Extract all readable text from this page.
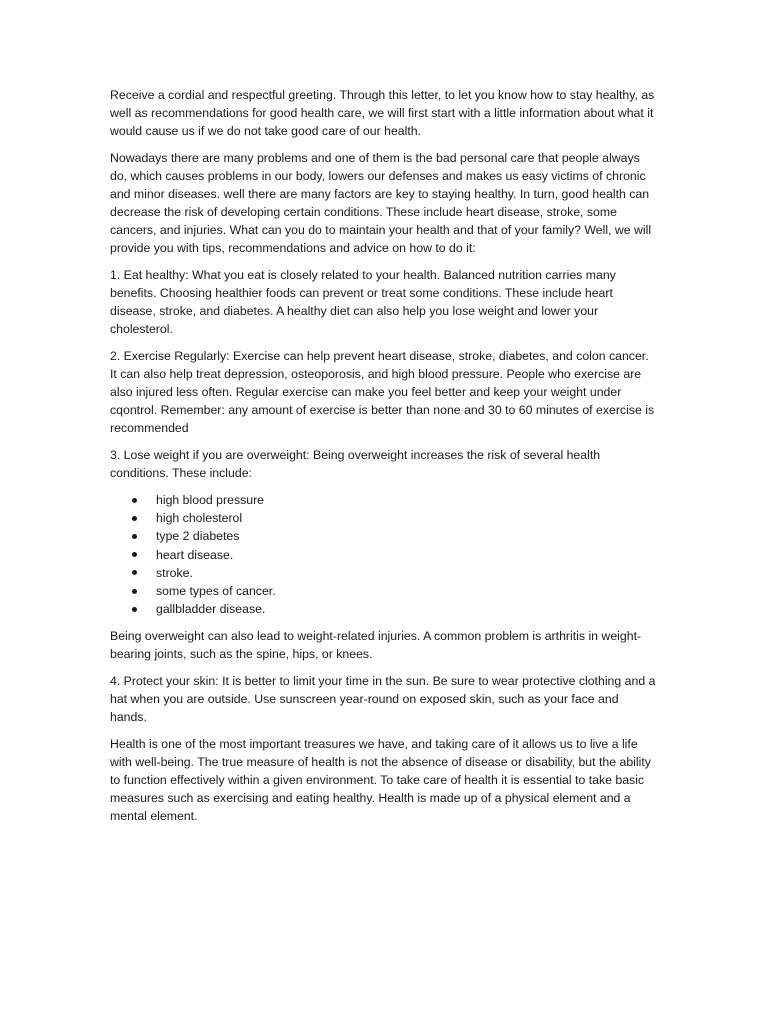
Receive a cordial and respectful greeting. Through this letter, to let you know how to stay healthy, as well as recommendations for good health care, we will first start with a little information about what it would cause us if we do not take good care of our health.

Nowadays there are many problems and one of them is the bad personal care that people always do, which causes problems in our body, lowers our defenses and makes us easy victims of chronic and minor diseases. well there are many factors are key to staying healthy. In turn, good health can decrease the risk of developing certain conditions. These include heart disease, stroke, some cancers, and injuries. What can you do to maintain your health and that of your family? Well, we will provide you with tips, recommendations and advice on how to do it:

1. Eat healthy: What you eat is closely related to your health. Balanced nutrition carries many benefits. Choosing healthier foods can prevent or treat some conditions. These include heart disease, stroke, and diabetes. A healthy diet can also help you lose weight and lower your cholesterol.

2. Exercise Regularly: Exercise can help prevent heart disease, stroke, diabetes, and colon cancer. It can also help treat depression, osteoporosis, and high blood pressure. People who exercise are also injured less often. Regular exercise can make you feel better and keep your weight under cqontrol. Remember: any amount of exercise is better than none and 30 to 60 minutes of exercise is recommended

3. Lose weight if you are overweight: Being overweight increases the risk of several health conditions. These include:

high blood pressure
high cholesterol
type 2 diabetes
heart disease.
stroke.
some types of cancer.
gallbladder disease.

Being overweight can also lead to weight-related injuries. A common problem is arthritis in weight-bearing joints, such as the spine, hips, or knees.

4. Protect your skin: It is better to limit your time in the sun. Be sure to wear protective clothing and a hat when you are outside. Use sunscreen year-round on exposed skin, such as your face and hands.

Health is one of the most important treasures we have, and taking care of it allows us to live a life with well-being. The true measure of health is not the absence of disease or disability, but the ability to function effectively within a given environment. To take care of health it is essential to take basic measures such as exercising and eating healthy. Health is made up of a physical element and a mental element.
